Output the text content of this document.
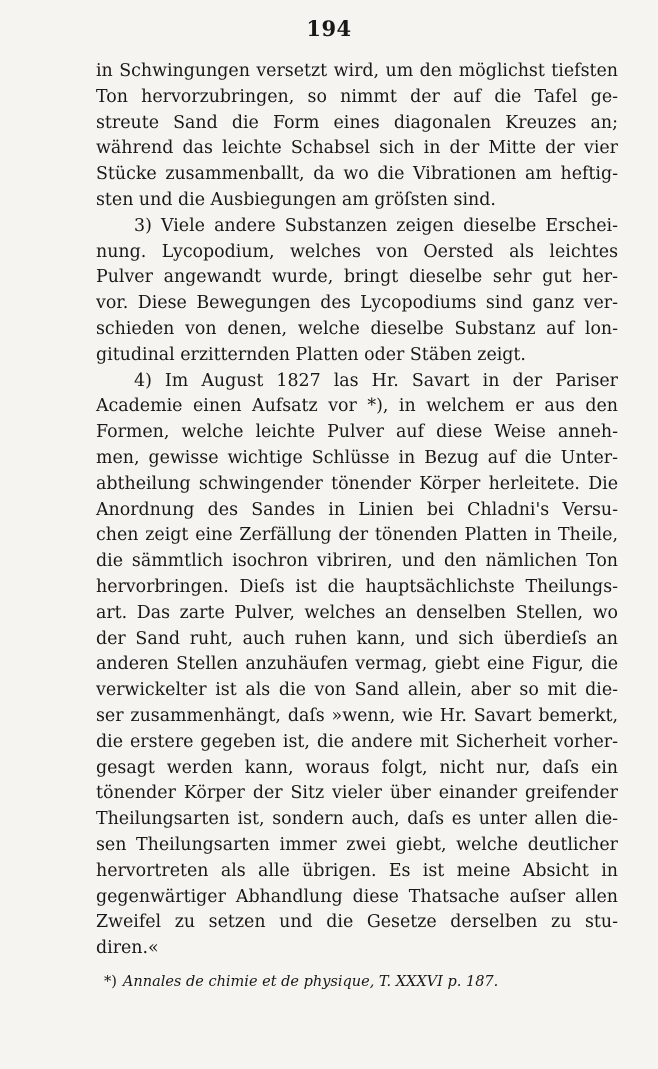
194
in Schwingungen versetzt wird, um den möglichst tiefsten
Ton hervorzubringen, so nimmt der auf die Tafel ge-
streute Sand die Form eines diagonalen Kreuzes an;
während das leichte Schabsel sich in der Mitte der vier
Stücke zusammenballt, da wo die Vibrationen am heftig-
sten und die Ausbiegungen am gröſsten sind.
3) Viele andere Substanzen zeigen dieselbe Erschei-
nung. Lycopodium, welches von Oersted als leichtes
Pulver angewandt wurde, bringt dieselbe sehr gut her-
vor. Diese Bewegungen des Lycopodiums sind ganz ver-
schieden von denen, welche dieselbe Substanz auf lon-
gitudinal erzitternden Platten oder Stäben zeigt.
4) Im August 1827 las Hr. Savart in der Pariser
Academie einen Aufsatz vor *), in welchem er aus den
Formen, welche leichte Pulver auf diese Weise anneh-
men, gewisse wichtige Schlüsse in Bezug auf die Unter-
abtheilung schwingender tönender Körper herleitete. Die
Anordnung des Sandes in Linien bei Chladni's Versu-
chen zeigt eine Zerfällung der tönenden Platten in Theile,
die sämmtlich isochron vibriren, und den nämlichen Ton
hervorbringen. Dieſs ist die hauptsächlichste Theilungs-
art. Das zarte Pulver, welches an denselben Stellen, wo
der Sand ruht, auch ruhen kann, und sich überdieſs an
anderen Stellen anzuhäufen vermag, giebt eine Figur, die
verwickelter ist als die von Sand allein, aber so mit die-
ser zusammenhängt, daſs »wenn, wie Hr. Savart bemerkt,
die erstere gegeben ist, die andere mit Sicherheit vorher-
gesagt werden kann, woraus folgt, nicht nur, daſs ein
tönender Körper der Sitz vieler über einander greifender
Theilungsarten ist, sondern auch, daſs es unter allen die-
sen Theilungsarten immer zwei giebt, welche deutlicher
hervortreten als alle übrigen. Es ist meine Absicht in
gegenwärtiger Abhandlung diese Thatsache auſser allen
Zweifel zu setzen und die Gesetze derselben zu stu-
diren.«
*) Annales de chimie et de physique, T. XXXVI p. 187.
